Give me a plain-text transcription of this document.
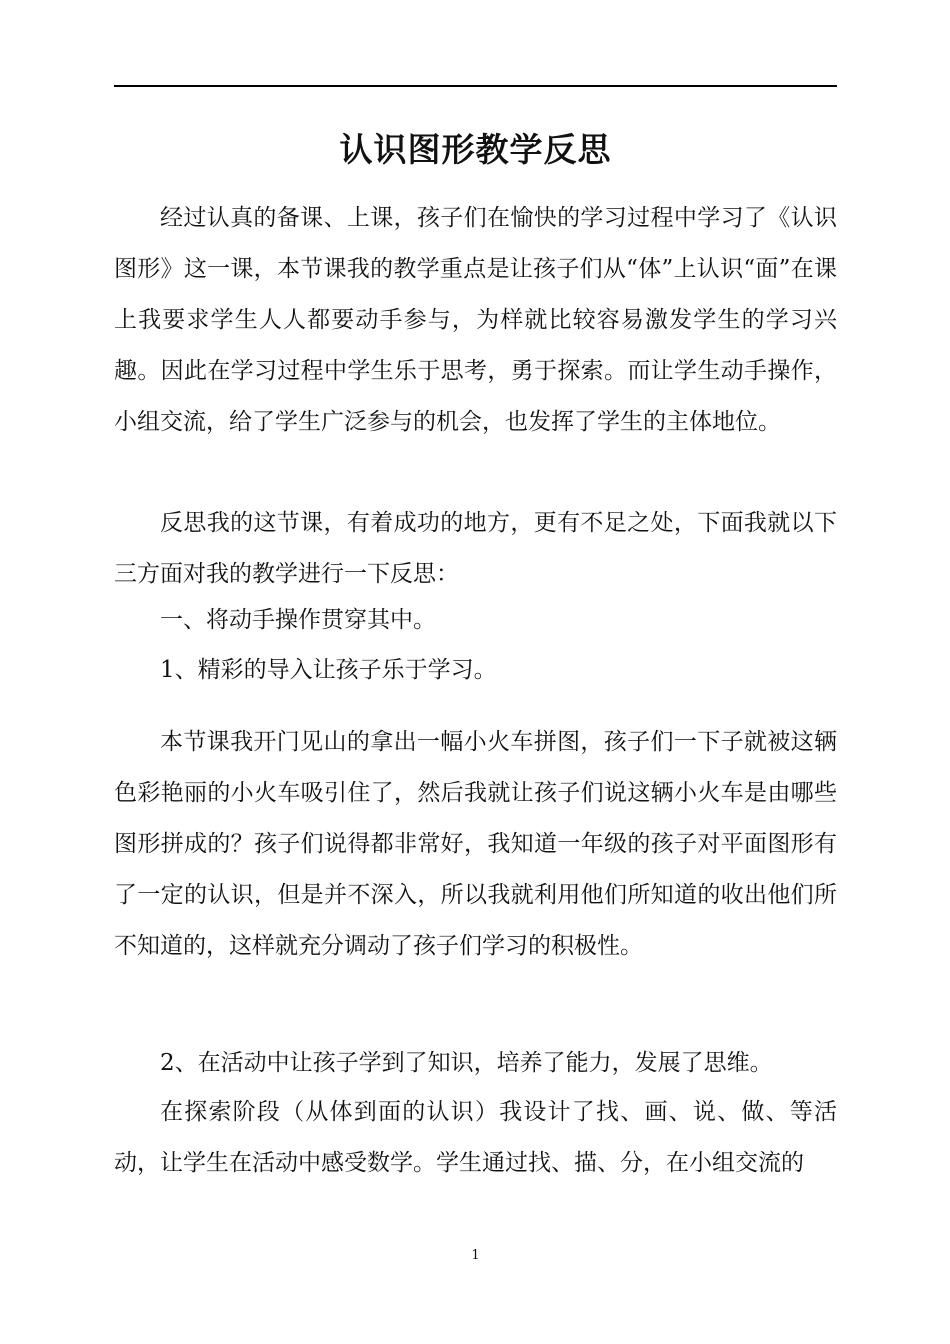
认识图形教学反思

经过认真的备课、上课，孩子们在愉快的学习过程中学习了《认识图形》这一课，本节课我的教学重点是让孩子们从“体”上认识“面”在课上我要求学生人人都要动手参与，为样就比较容易激发学生的学习兴趣。因此在学习过程中学生乐于思考，勇于探索。而让学生动手操作，小组交流，给了学生广泛参与的机会，也发挥了学生的主体地位。

反思我的这节课，有着成功的地方，更有不足之处，下面我就以下三方面对我的教学进行一下反思：

一、将动手操作贯穿其中。

1、精彩的导入让孩子乐于学习。

本节课我开门见山的拿出一幅小火车拼图，孩子们一下子就被这辆色彩艳丽的小火车吸引住了，然后我就让孩子们说这辆小火车是由哪些图形拼成的？孩子们说得都非常好，我知道一年级的孩子对平面图形有了一定的认识，但是并不深入，所以我就利用他们所知道的收出他们所不知道的，这样就充分调动了孩子们学习的积极性。

2、在活动中让孩子学到了知识，培养了能力，发展了思维。

在探索阶段（从体到面的认识）我设计了找、画、说、做、等活动，让学生在活动中感受数学。学生通过找、描、分，在小组交流的

1
